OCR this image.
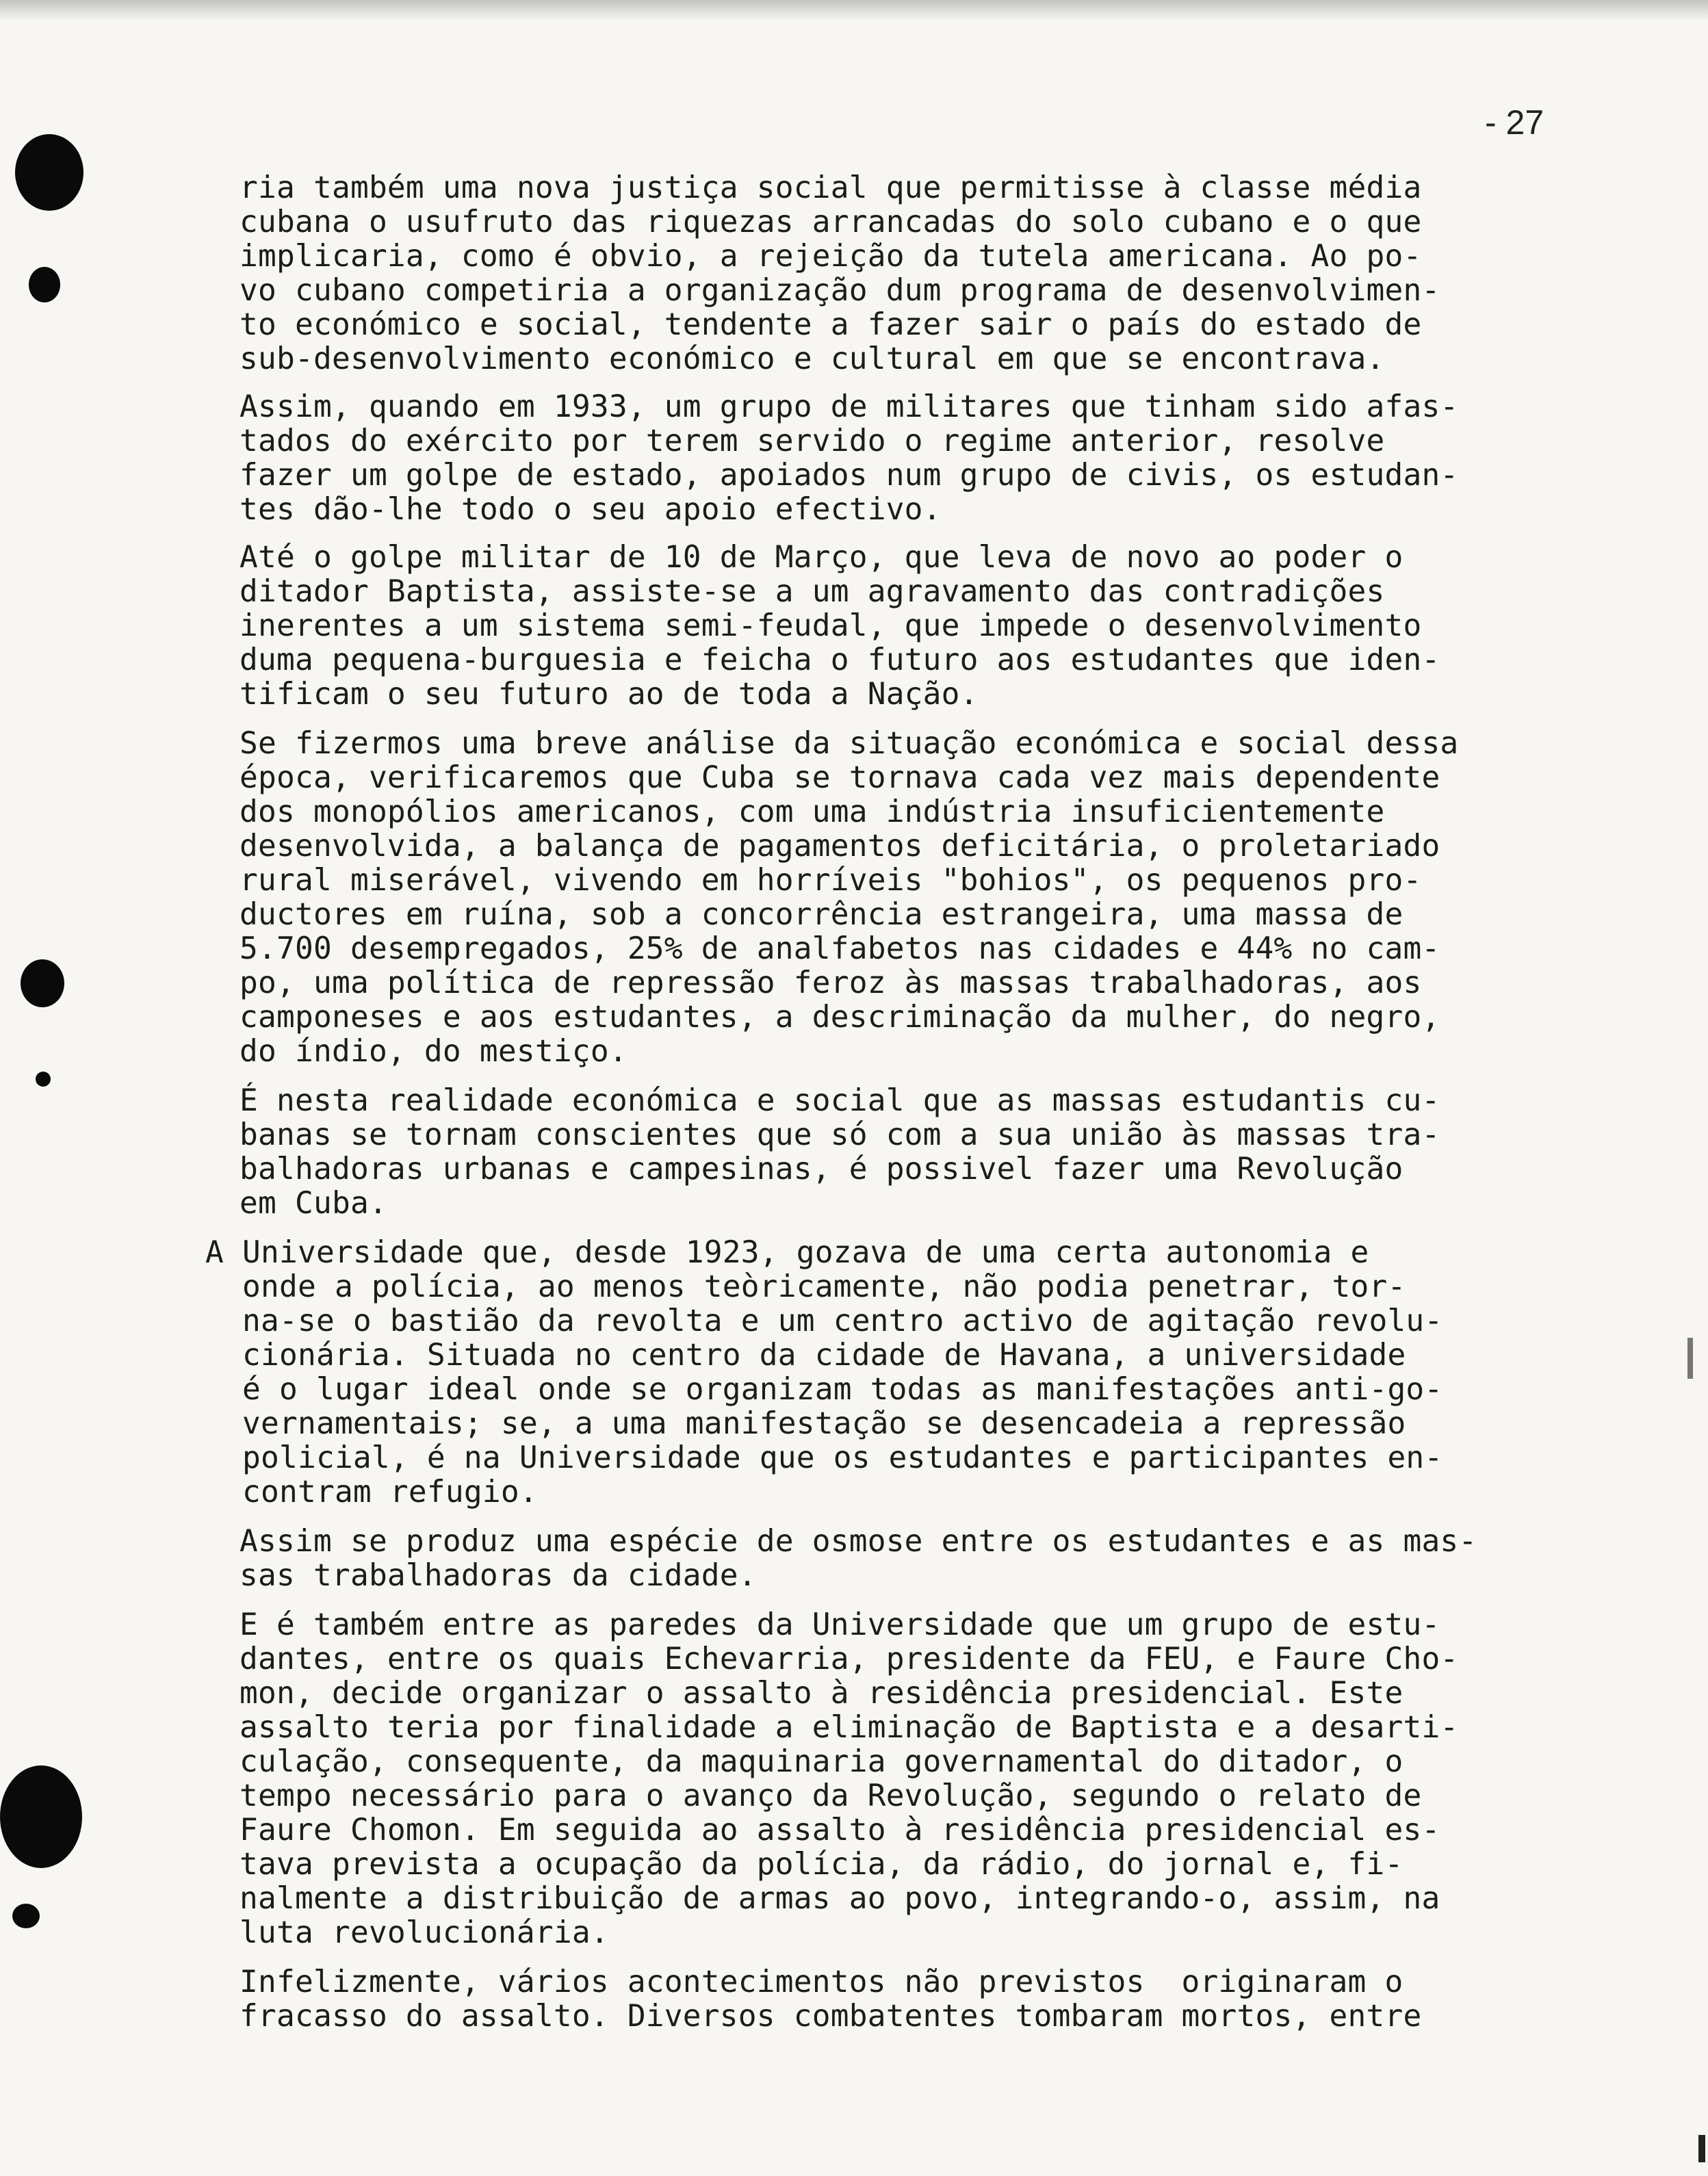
- 27
ria também uma nova justiça social que permitisse à classe média
cubana o usufruto das riquezas arrancadas do solo cubano e o que
implicaria, como é obvio, a rejeição da tutela americana. Ao po-
vo cubano competiria a organização dum programa de desenvolvimen-
to económico e social, tendente a fazer sair o país do estado de
sub-desenvolvimento económico e cultural em que se encontrava.
Assim, quando em 1933, um grupo de militares que tinham sido afas-
tados do exército por terem servido o regime anterior, resolve
fazer um golpe de estado, apoiados num grupo de civis, os estudan-
tes dão-lhe todo o seu apoio efectivo.
Até o golpe militar de 10 de Março, que leva de novo ao poder o
ditador Baptista, assiste-se a um agravamento das contradições
inerentes a um sistema semi-feudal, que impede o desenvolvimento
duma pequena-burguesia e feicha o futuro aos estudantes que iden-
tificam o seu futuro ao de toda a Nação.
Se fizermos uma breve análise da situação económica e social dessa
época, verificaremos que Cuba se tornava cada vez mais dependente
dos monopólios americanos, com uma indústria insuficientemente
desenvolvida, a balança de pagamentos deficitária, o proletariado
rural miserável, vivendo em horríveis "bohios", os pequenos pro-
ductores em ruína, sob a concorrência estrangeira, uma massa de
5.700 desempregados, 25% de analfabetos nas cidades e 44% no cam-
po, uma política de repressão feroz às massas trabalhadoras, aos
camponeses e aos estudantes, a descriminação da mulher, do negro,
do índio, do mestiço.
É nesta realidade económica e social que as massas estudantis cu-
banas se tornam conscientes que só com a sua união às massas tra-
balhadoras urbanas e campesinas, é possivel fazer uma Revolução
em Cuba.
A Universidade que, desde 1923, gozava de uma certa autonomia e
onde a polícia, ao menos teòricamente, não podia penetrar, tor-
na-se o bastião da revolta e um centro activo de agitação revolu-
cionária. Situada no centro da cidade de Havana, a universidade
é o lugar ideal onde se organizam todas as manifestações anti-go-
vernamentais; se, a uma manifestação se desencadeia a repressão
policial, é na Universidade que os estudantes e participantes en-
contram refugio.
Assim se produz uma espécie de osmose entre os estudantes e as mas-
sas trabalhadoras da cidade.
E é também entre as paredes da Universidade que um grupo de estu-
dantes, entre os quais Echevarria, presidente da FEU, e Faure Cho-
mon, decide organizar o assalto à residência presidencial. Este
assalto teria por finalidade a eliminação de Baptista e a desarti-
culação, consequente, da maquinaria governamental do ditador, o
tempo necessário para o avanço da Revolução, segundo o relato de
Faure Chomon. Em seguida ao assalto à residência presidencial es-
tava prevista a ocupação da polícia, da rádio, do jornal e, fi-
nalmente a distribuição de armas ao povo, integrando-o, assim, na
luta revolucionária.
Infelizmente, vários acontecimentos não previstos  originaram o
fracasso do assalto. Diversos combatentes tombaram mortos, entre
